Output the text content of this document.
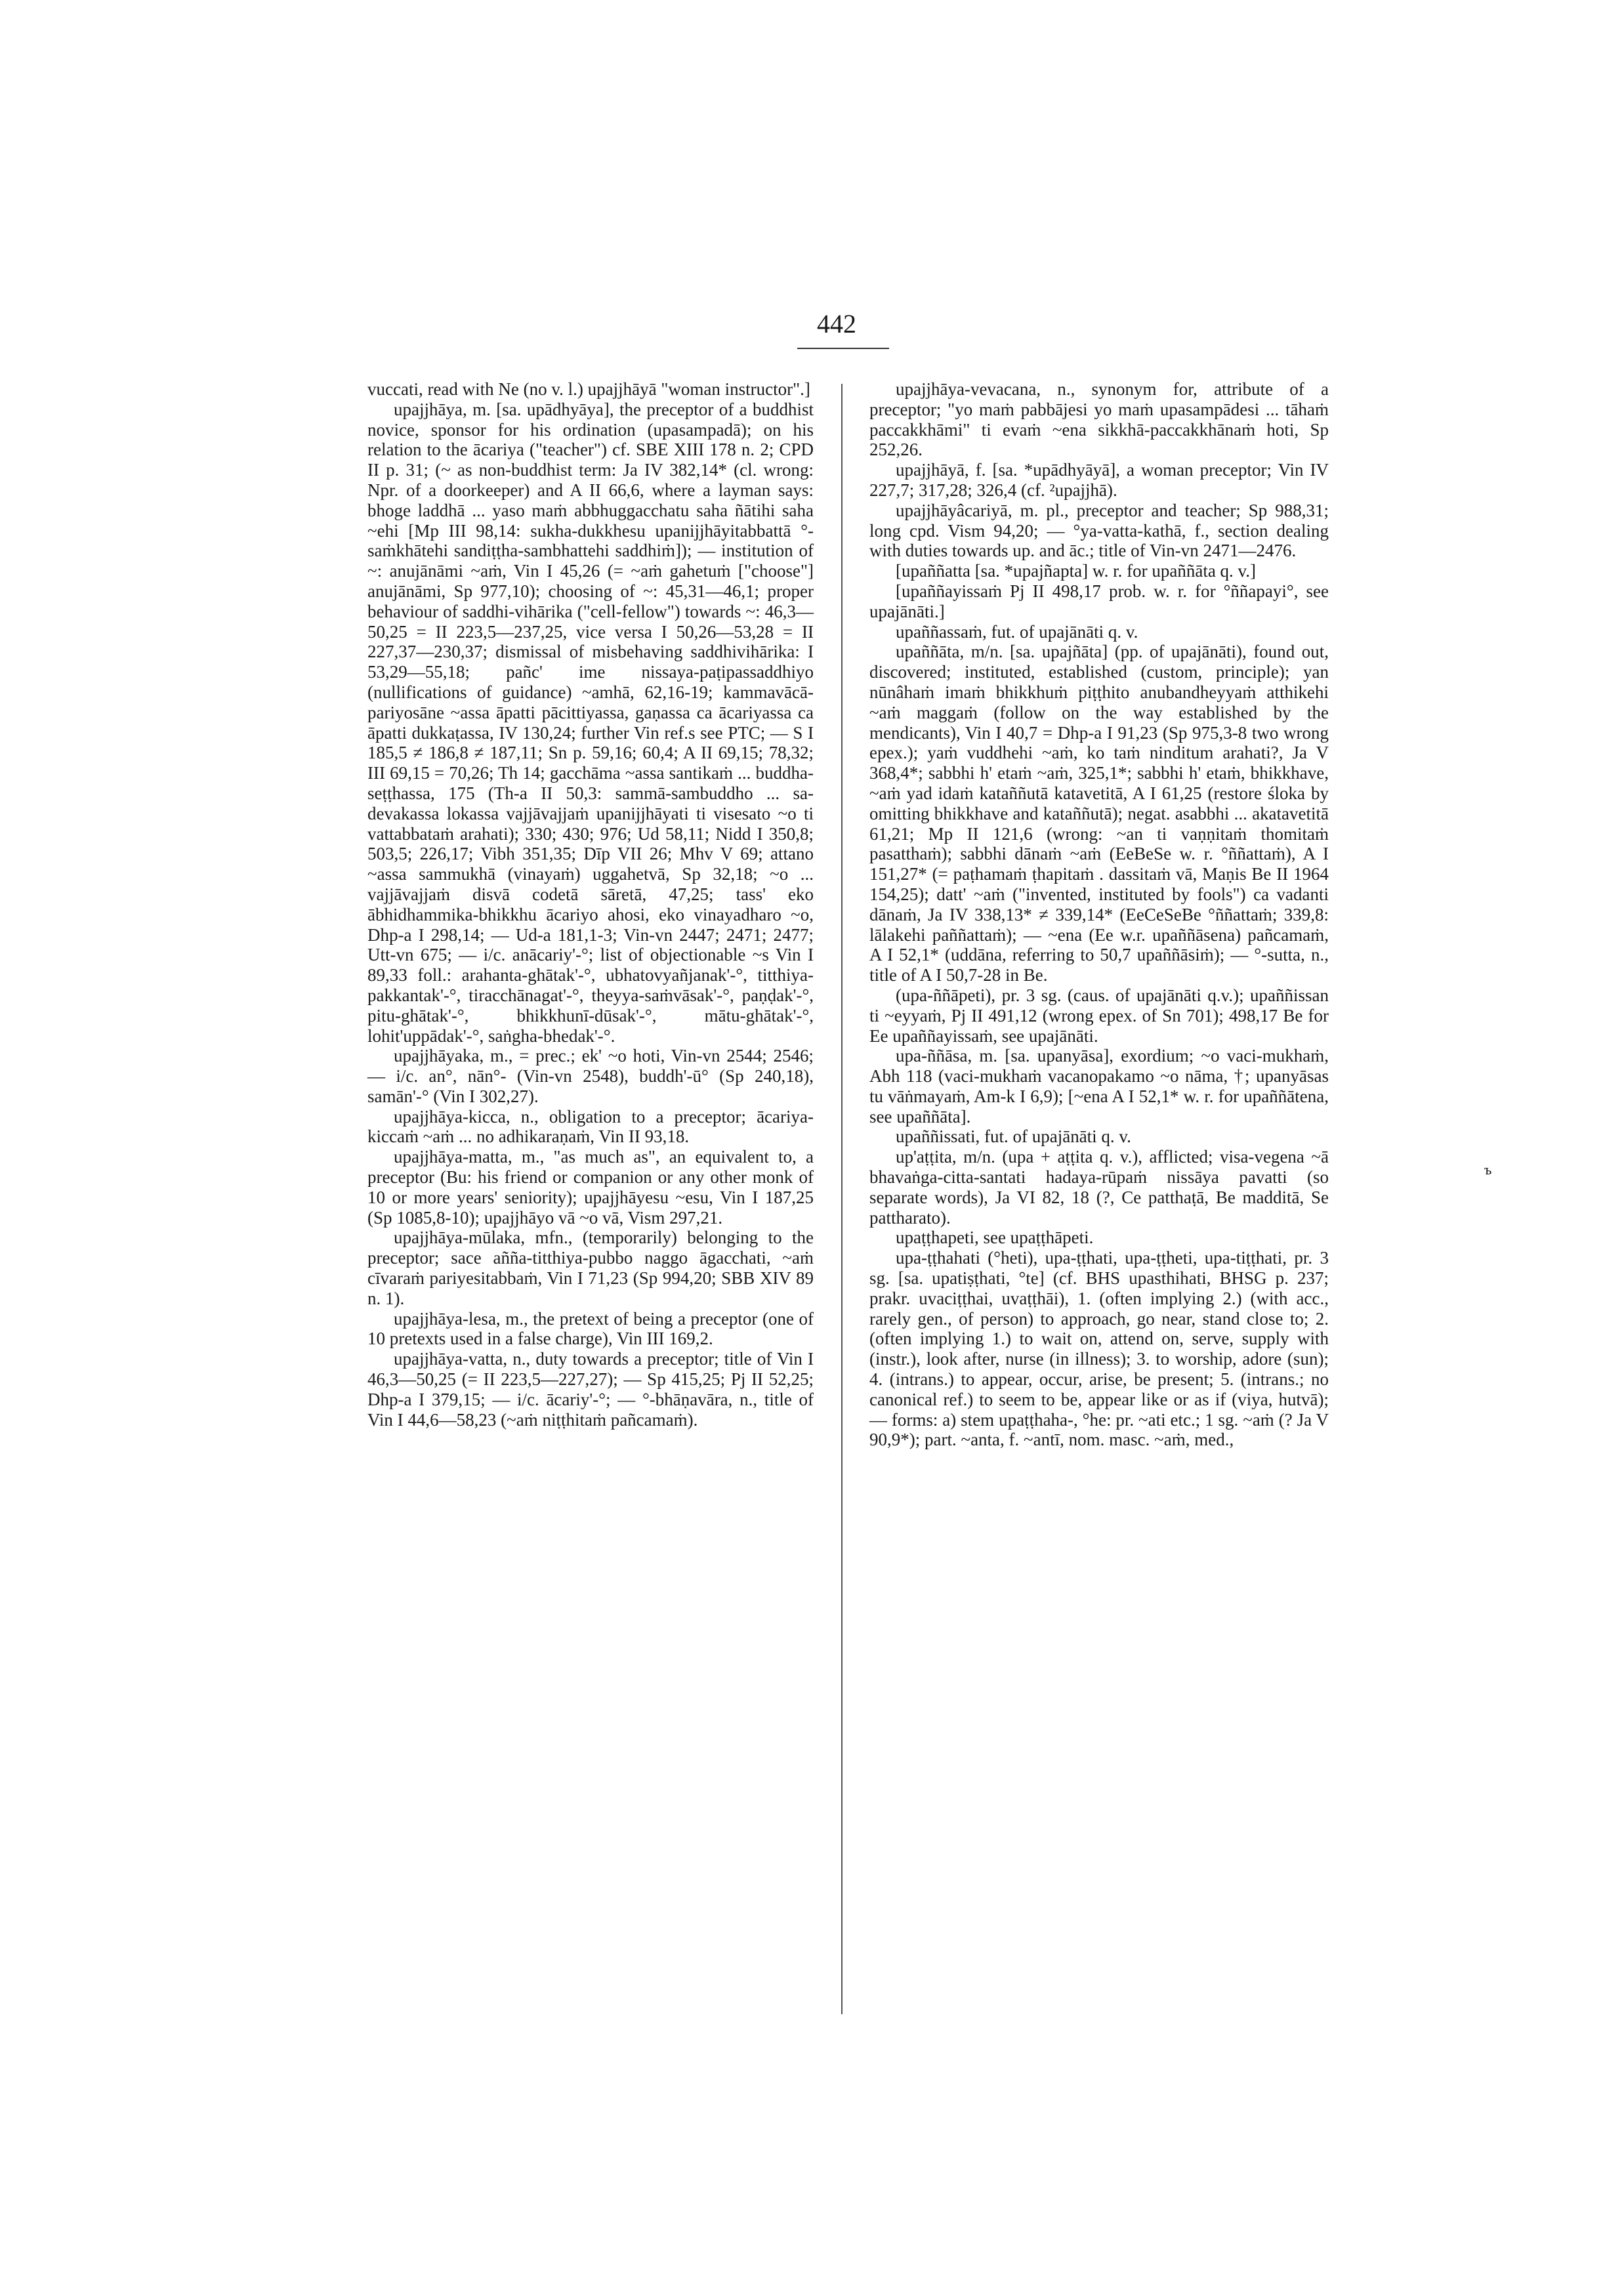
442

vuccati, read with Ne (no v. l.) upajjhāyā "woman instructor".]

upajjhāya, m. [sa. upādhyāya], the preceptor of a buddhist novice, sponsor for his ordination (upasampadā); on his relation to the ācariya ("teacher") cf. SBE XIII 178 n. 2; CPD II p. 31; (~ as non-buddhist term: Ja IV 382,14* (cl. wrong: Npr. of a doorkeeper) and A II 66,6, where a layman says: bhoge laddhā ... yaso maṁ abbhuggacchatu saha ñātihi saha ~ehi [Mp III 98,14: sukha-dukkhesu upanijjhāyitabbattā °-saṁkhātehi sandiṭṭha-sambhattehi saddhiṁ]); — institution of ~: anujānāmi ~aṁ, Vin I 45,26 (= ~aṁ gahetuṁ ["choose"] anujānāmi, Sp 977,10); choosing of ~: 45,31—46,1; proper behaviour of saddhi-vihārika ("cell-fellow") towards ~: 46,3—50,25 = II 223,5—237,25, vice versa I 50,26—53,28 = II 227,37—230,37; dismissal of misbehaving saddhivihārika: I 53,29—55,18; pañc' ime nissaya-paṭipassaddhiyo (nullifications of guidance) ~amhā, 62,16-19; kammavācā-pariyosāne ~assa āpatti pācittiyassa, gaṇassa ca ācariyassa ca āpatti dukkaṭassa, IV 130,24; further Vin ref.s see PTC; — S I 185,5 ≠ 186,8 ≠ 187,11; Sn p. 59,16; 60,4; A II 69,15; 78,32; III 69,15 = 70,26; Th 14; gacchāma ~assa santikaṁ ... buddha-seṭṭhassa, 175 (Th-a II 50,3: sammā-sambuddho ... sa-devakassa lokassa vajjāvajjaṁ upanijjhāyati ti visesato ~o ti vattabbataṁ arahati); 330; 430; 976; Ud 58,11; Nidd I 350,8; 503,5; 226,17; Vibh 351,35; Dīp VII 26; Mhv V 69; attano ~assa sammukhā (vinayaṁ) uggahetvā, Sp 32,18; ~o ... vajjāvajjaṁ disvā codetā sāretā, 47,25; tass' eko ābhidhammika-bhikkhu ācariyo ahosi, eko vinayadharo ~o, Dhp-a I 298,14; — Ud-a 181,1-3; Vin-vn 2447; 2471; 2477; Utt-vn 675; — i/c. anācariy'-°; list of objectionable ~s Vin I 89,33 foll.: arahanta-ghātak'-°, ubhatovyañjanak'-°, titthiya-pakkantak'-°, tiracchānagat'-°, theyya-saṁvāsak'-°, paṇḍak'-°, pitu-ghātak'-°, bhikkhunī-dūsak'-°, mātu-ghātak'-°, lohit'uppādak'-°, saṅgha-bhedak'-°.

upajjhāyaka, m., = prec.; ek' ~o hoti, Vin-vn 2544; 2546; — i/c. an°, nān°- (Vin-vn 2548), buddh'-ū° (Sp 240,18), samān'-° (Vin I 302,27).

upajjhāya-kicca, n., obligation to a preceptor; ācariya-kiccaṁ ~aṁ ... no adhikaraṇaṁ, Vin II 93,18.

upajjhāya-matta, m., "as much as", an equivalent to, a preceptor (Bu: his friend or companion or any other monk of 10 or more years' seniority); upajjhāyesu ~esu, Vin I 187,25 (Sp 1085,8-10); upajjhāyo vā ~o vā, Vism 297,21.

upajjhāya-mūlaka, mfn., (temporarily) belonging to the preceptor; sace añña-titthiya-pubbo naggo āgacchati, ~aṁ cīvaraṁ pariyesitabbaṁ, Vin I 71,23 (Sp 994,20; SBB XIV 89 n. 1).

upajjhāya-lesa, m., the pretext of being a preceptor (one of 10 pretexts used in a false charge), Vin III 169,2.

upajjhāya-vatta, n., duty towards a preceptor; title of Vin I 46,3—50,25 (= II 223,5—227,27); — Sp 415,25; Pj II 52,25; Dhp-a I 379,15; — i/c. ācariy'-°; — °-bhāṇavāra, n., title of Vin I 44,6—58,23 (~aṁ niṭṭhitaṁ pañcamaṁ).

upajjhāya-vevacana, n., synonym for, attribute of a preceptor; "yo maṁ pabbājesi yo maṁ upasampādesi ... tāhaṁ paccakkhāmi" ti evaṁ ~ena sikkhā-paccakkhānaṁ hoti, Sp 252,26.

upajjhāyā, f. [sa. *upādhyāyā], a woman preceptor; Vin IV 227,7; 317,28; 326,4 (cf. ²upajjhā).

upajjhāyâcariyā, m. pl., preceptor and teacher; Sp 988,31; long cpd. Vism 94,20; — °ya-vatta-kathā, f., section dealing with duties towards up. and āc.; title of Vin-vn 2471—2476.

[upaññatta [sa. *upajñapta] w. r. for upaññāta q. v.]

[upaññayissaṁ Pj II 498,17 prob. w. r. for °ññapayi°, see upajānāti.]

upaññassaṁ, fut. of upajānāti q. v.

upaññāta, m/n. [sa. upajñāta] (pp. of upajānāti), found out, discovered; instituted, established (custom, principle); yan nūnâhaṁ imaṁ bhikkhuṁ piṭṭhito anubandheyyaṁ atthikehi ~aṁ maggaṁ (follow on the way established by the mendicants), Vin I 40,7 = Dhp-a I 91,23 (Sp 975,3-8 two wrong epex.); yaṁ vuddhehi ~aṁ, ko taṁ ninditum arahati?, Ja V 368,4*; sabbhi h' etaṁ ~aṁ, 325,1*; sabbhi h' etaṁ, bhikkhave, ~aṁ yad idaṁ kataññutā katavetitā, A I 61,25 (restore śloka by omitting bhikkhave and kataññutā); negat. asabbhi ... akatavetitā 61,21; Mp II 121,6 (wrong: ~an ti vaṇṇitaṁ thomitaṁ pasatthaṁ); sabbhi dānaṁ ~aṁ (EeBeSe w. r. °ññattaṁ), A I 151,27* (= paṭhamaṁ ṭhapitaṁ . dassitaṁ vā, Maṇis Be II 1964 154,25); datt' ~aṁ ("invented, instituted by fools") ca vadanti dānaṁ, Ja IV 338,13* ≠ 339,14* (EeCeSeBe °ññattaṁ; 339,8: lālakehi paññattaṁ); — ~ena (Ee w.r. upaññāsena) pañcamaṁ, A I 52,1* (uddāna, referring to 50,7 upaññāsiṁ); — °-sutta, n., title of A I 50,7-28 in Be.

(upa-ññāpeti), pr. 3 sg. (caus. of upajānāti q.v.); upaññissan ti ~eyyaṁ, Pj II 491,12 (wrong epex. of Sn 701); 498,17 Be for Ee upaññayissaṁ, see upajānāti.

upa-ññāsa, m. [sa. upanyāsa], exordium; ~o vaci-mukhaṁ, Abh 118 (vaci-mukhaṁ vacanopakamo ~o nāma, †; upanyāsas tu vāṅmayaṁ, Am-k I 6,9); [~ena A I 52,1* w. r. for upaññātena, see upaññāta].

upaññissati, fut. of upajānāti q. v.

up'aṭṭita, m/n. (upa + aṭṭita q. v.), afflicted; visa-vegena ~ā bhavaṅga-citta-santati hadaya-rūpaṁ nissāya pavatti (so separate words), Ja VI 82, 18 (?, Ce patthaṭā, Be madditā, Se pattharato).

upaṭṭhapeti, see upaṭṭhāpeti.

upa-ṭṭhahati (°heti), upa-ṭṭhati, upa-ṭṭheti, upa-tiṭṭhati, pr. 3 sg. [sa. upatiṣṭhati, °te] (cf. BHS upasthihati, BHSG p. 237; prakr. uvaciṭṭhai, uvaṭṭhāi), 1. (often implying 2.) (with acc., rarely gen., of person) to approach, go near, stand close to; 2. (often implying 1.) to wait on, attend on, serve, supply with (instr.), look after, nurse (in illness); 3. to worship, adore (sun); 4. (intrans.) to appear, occur, arise, be present; 5. (intrans.; no canonical ref.) to seem to be, appear like or as if (viya, hutvā); — forms: a) stem upaṭṭhaha-, °he: pr. ~ati etc.; 1 sg. ~aṁ (? Ja V 90,9*); part. ~anta, f. ~antī, nom. masc. ~aṁ, med.,

ъ
